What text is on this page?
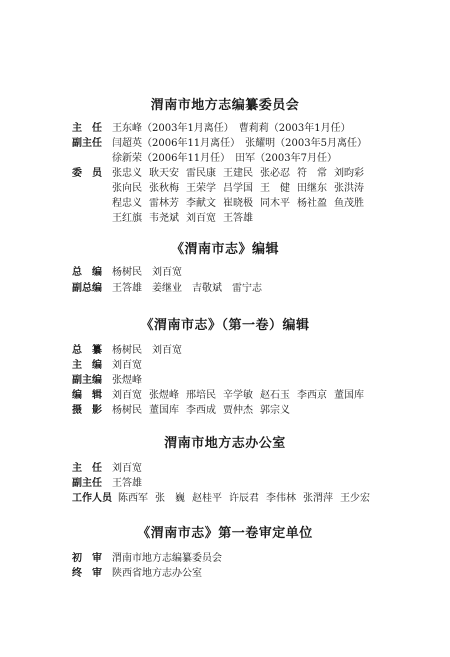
渭南市地方志编纂委员会
主　任 王东峰（2003年1月离任）　曹莉莉（2003年1月任）
副主任 闫超英（2006年11月离任）　张耀明（2003年5月离任）
徐新荣（2006年11月任）　田军（2003年7月任）
委　员 张忠义 耿天安 雷民康 王建民 张必忍 符　常 刘昀彩
张向民 张秋梅 王荣学 吕学国 王　健 田继东 张洪涛
程忠义 雷林芳 李献文 崔晓极 同木平 杨社盈 鱼茂胜
王红旗 韦尧斌 刘百宽 王答雄
《渭南市志》编辑
总　编 杨树民　刘百宽
副总编 王答雄　姜继业　吉敬斌　雷宁志
《渭南市志》（第一卷）编辑
总　纂 杨树民　刘百宽
主　编 刘百宽
副主编 张煜峰
编　辑 刘百宽 张煜峰 邢培民 辛学敏 赵石玉 李西京 董国库
摄　影 杨树民 董国库 李西成 贾仲杰 郭宗义
渭南市地方志办公室
主　任 刘百宽
副主任 王答雄
工作人员 陈西军 张　巍 赵桂平 许辰君 李伟林 张渭萍 王少宏
《渭南市志》第一卷审定单位
初　审 渭南市地方志编纂委员会
终　审 陕西省地方志办公室
